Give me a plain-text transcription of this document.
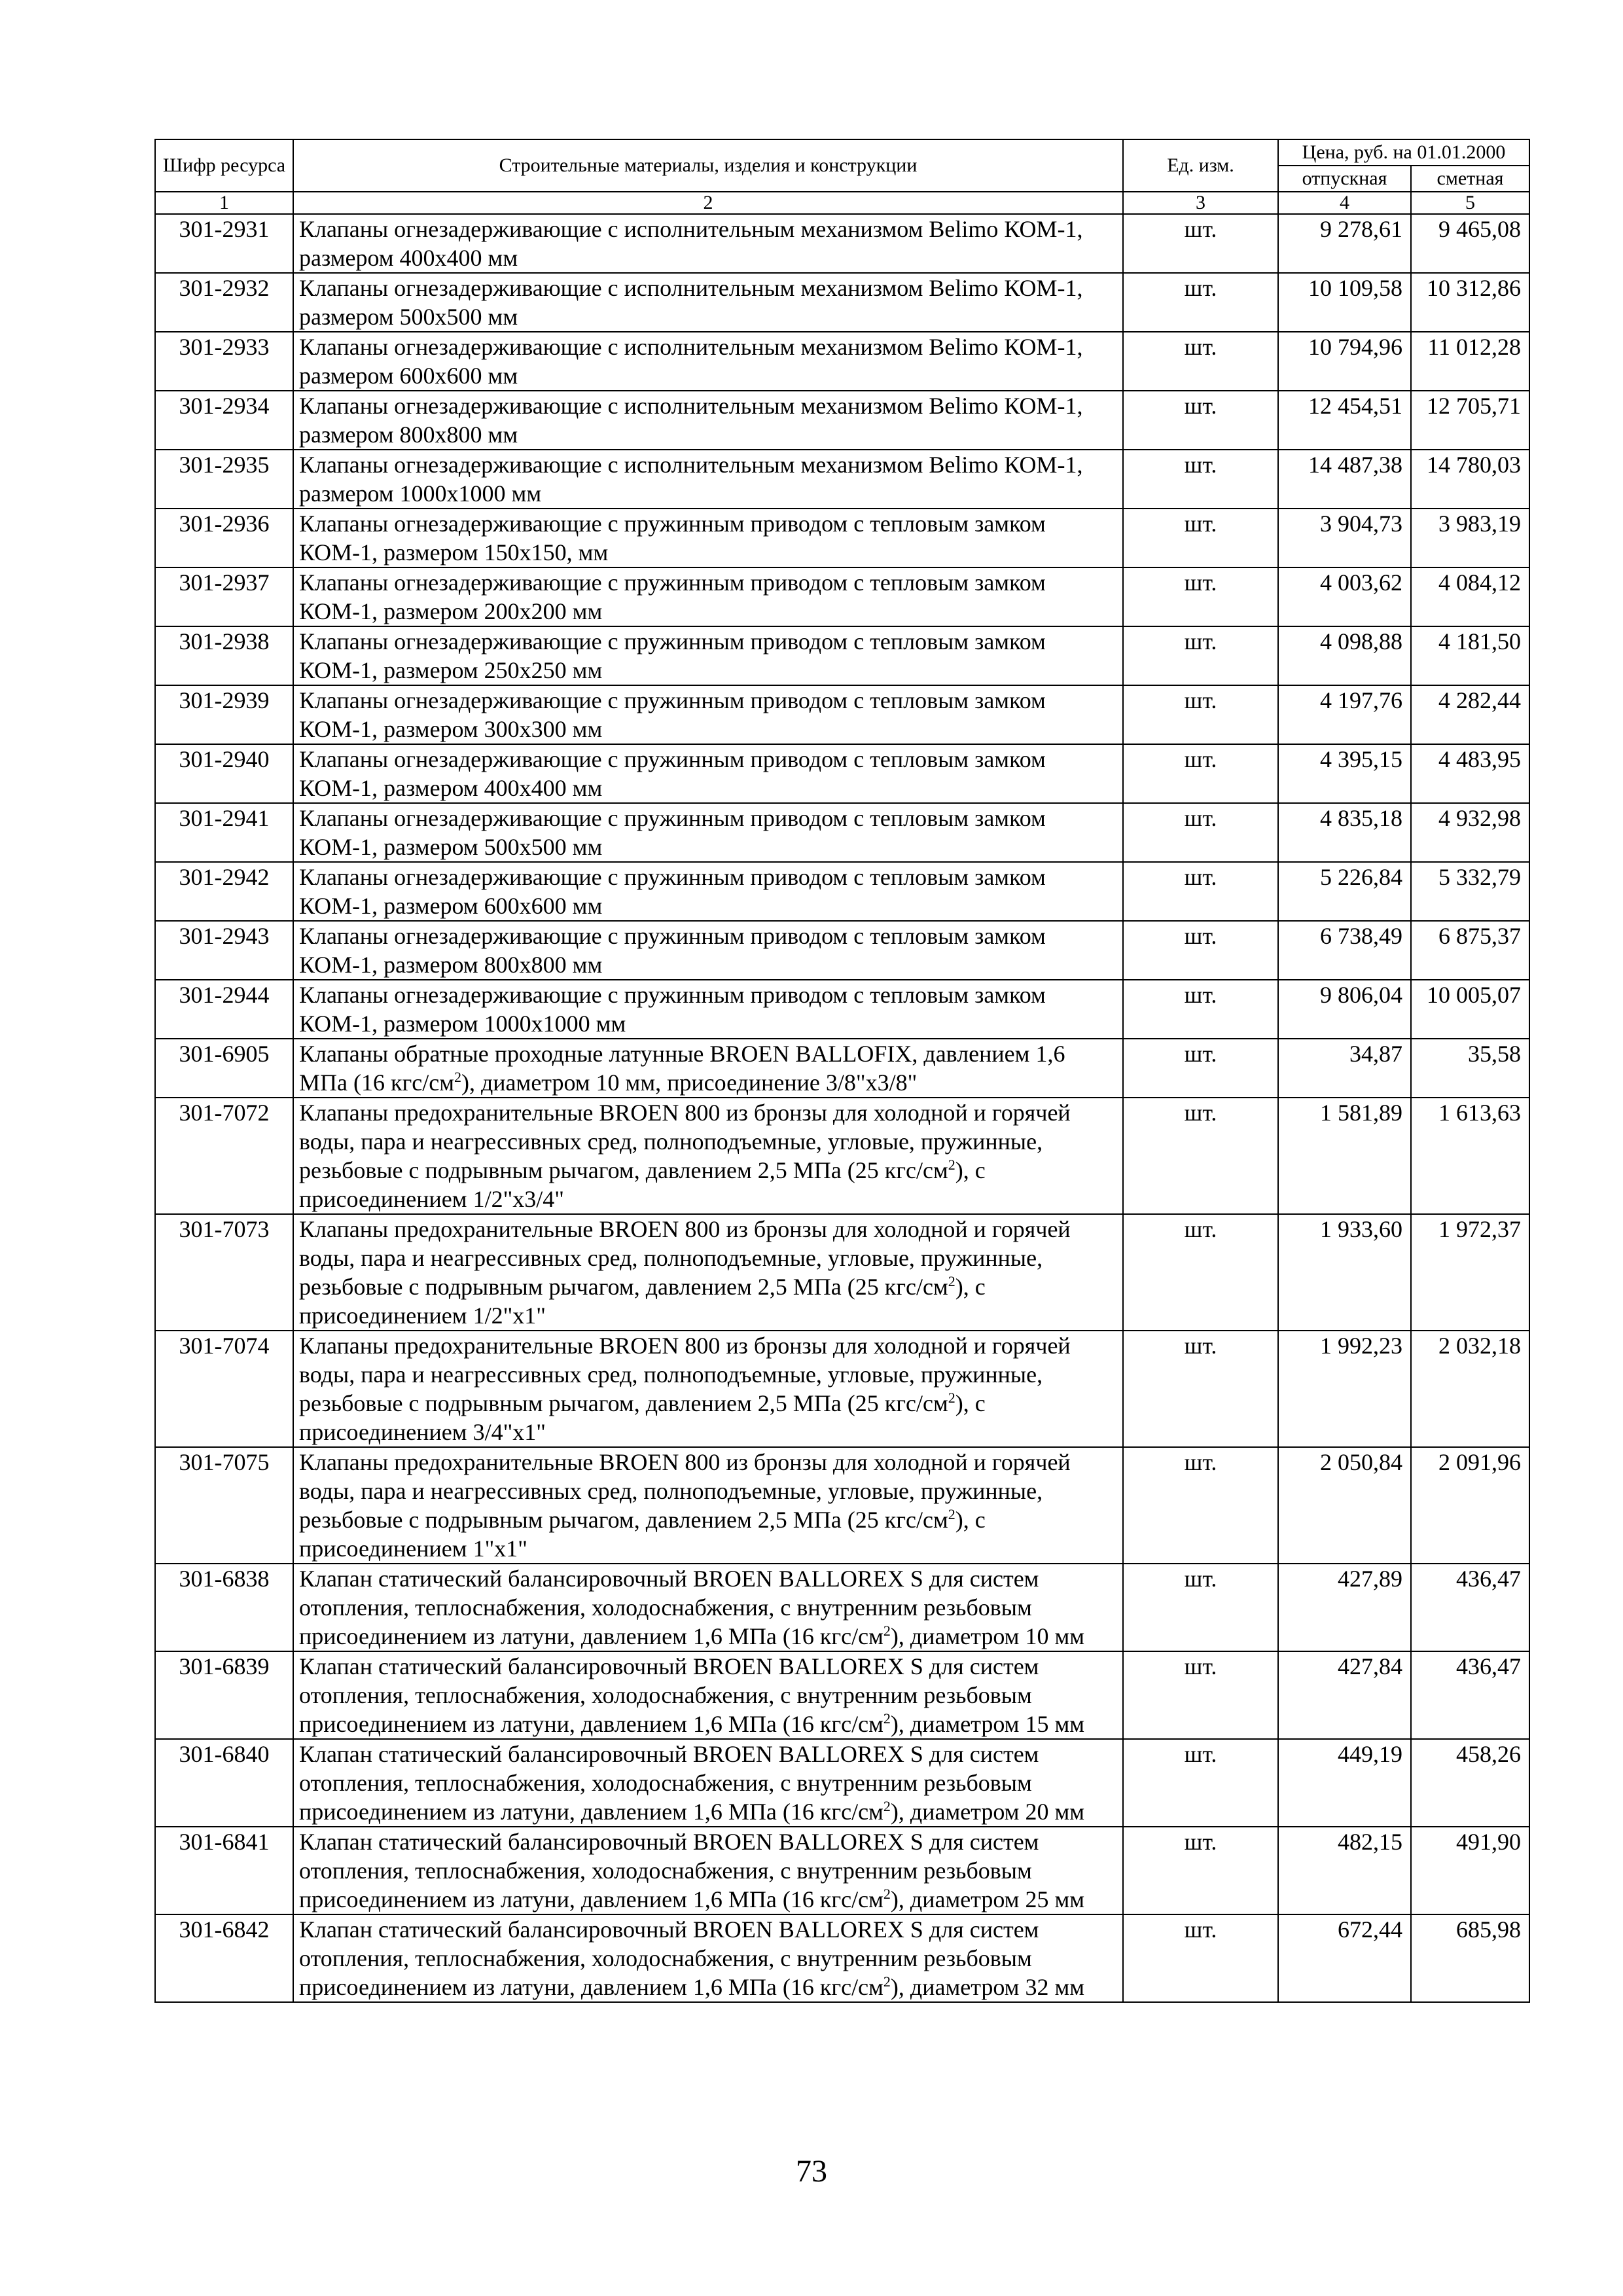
Шифр ресурса	Строительные материалы, изделия и конструкции	Ед. изм.	Цена, руб. на 01.01.2000	
			отпускная	сметная
1	2	3	4	5
301-2931	Клапаны огнезадерживающие с исполнительным механизмом Belimo КОМ-1, размером 400х400 мм	шт.	9 278,61	9 465,08
301-2932	Клапаны огнезадерживающие с исполнительным механизмом Belimo КОМ-1, размером 500х500 мм	шт.	10 109,58	10 312,86
301-2933	Клапаны огнезадерживающие с исполнительным механизмом Belimo КОМ-1, размером 600х600 мм	шт.	10 794,96	11 012,28
301-2934	Клапаны огнезадерживающие с исполнительным механизмом Belimo КОМ-1, размером 800х800 мм	шт.	12 454,51	12 705,71
301-2935	Клапаны огнезадерживающие с исполнительным механизмом Belimo КОМ-1, размером 1000х1000 мм	шт.	14 487,38	14 780,03
301-2936	Клапаны огнезадерживающие с пружинным приводом с тепловым замком КОМ-1, размером 150х150, мм	шт.	3 904,73	3 983,19
301-2937	Клапаны огнезадерживающие с пружинным приводом с тепловым замком КОМ-1, размером 200х200 мм	шт.	4 003,62	4 084,12
301-2938	Клапаны огнезадерживающие с пружинным приводом с тепловым замком КОМ-1, размером 250х250 мм	шт.	4 098,88	4 181,50
301-2939	Клапаны огнезадерживающие с пружинным приводом с тепловым замком КОМ-1, размером 300х300 мм	шт.	4 197,76	4 282,44
301-2940	Клапаны огнезадерживающие с пружинным приводом с тепловым замком КОМ-1, размером 400х400 мм	шт.	4 395,15	4 483,95
301-2941	Клапаны огнезадерживающие с пружинным приводом с тепловым замком КОМ-1, размером 500х500 мм	шт.	4 835,18	4 932,98
301-2942	Клапаны огнезадерживающие с пружинным приводом с тепловым замком КОМ-1, размером 600х600 мм	шт.	5 226,84	5 332,79
301-2943	Клапаны огнезадерживающие с пружинным приводом с тепловым замком КОМ-1, размером 800х800 мм	шт.	6 738,49	6 875,37
301-2944	Клапаны огнезадерживающие с пружинным приводом с тепловым замком КОМ-1, размером 1000х1000 мм	шт.	9 806,04	10 005,07
301-6905	Клапаны обратные проходные латунные BROEN BALLOFIX, давлением 1,6 МПа (16 кгс/$см^2$), диаметром 10 мм, присоединение 3/8"х3/8"	шт.	34,87	35,58
301-7072	Клапаны предохранительные BROEN 800 из бронзы для холодной и горячей воды, пара и неагрессивных сред, полноподъемные, угловые, пружинные, резьбовые с подрывным рычагом, давлением 2,5 МПа (25 кгс/$см^2$), с присоединением 1/2"х3/4"	шт.	1 581,89	1 613,63
301-7073	Клапаны предохранительные BROEN 800 из бронзы для холодной и горячей воды, пара и неагрессивных сред, полноподъемные, угловые, пружинные, резьбовые с подрывным рычагом, давлением 2,5 МПа (25 кгс/$см^2$), с присоединением 1/2"х1"	шт.	1 933,60	1 972,37
301-7074	Клапаны предохранительные BROEN 800 из бронзы для холодной и горячей воды, пара и неагрессивных сред, полноподъемные, угловые, пружинные, резьбовые с подрывным рычагом, давлением 2,5 МПа (25 кгс/$см^2$), с присоединением 3/4"х1"	шт.	1 992,23	2 032,18
301-7075	Клапаны предохранительные BROEN 800 из бронзы для холодной и горячей воды, пара и неагрессивных сред, полноподъемные, угловые, пружинные, резьбовые с подрывным рычагом, давлением 2,5 МПа (25 кгс/$см^2$), с присоединением 1"х1"	шт.	2 050,84	2 091,96
301-6838	Клапан статический балансировочный BROEN BALLOREX S для систем отопления, теплоснабжения, холодоснабжения, с внутренним резьбовым присоединением из латуни, давлением 1,6 МПа (16 кгс/$см^2$), диаметром 10 мм	шт.	427,89	436,47
301-6839	Клапан статический балансировочный BROEN BALLOREX S для систем отопления, теплоснабжения, холодоснабжения, с внутренним резьбовым присоединением из латуни, давлением 1,6 МПа (16 кгс/$см^2$), диаметром 15 мм	шт.	427,84	436,47
301-6840	Клапан статический балансировочный BROEN BALLOREX S для систем отопления, теплоснабжения, холодоснабжения, с внутренним резьбовым присоединением из латуни, давлением 1,6 МПа (16 кгс/$см^2$), диаметром 20 мм	шт.	449,19	458,26
301-6841	Клапан статический балансировочный BROEN BALLOREX S для систем отопления, теплоснабжения, холодоснабжения, с внутренним резьбовым присоединением из латуни, давлением 1,6 МПа (16 кгс/$см^2$), диаметром 25 мм	шт.	482,15	491,90
301-6842	Клапан статический балансировочный BROEN BALLOREX S для систем отопления, теплоснабжения, холодоснабжения, с внутренним резьбовым присоединением из латуни, давлением 1,6 МПа (16 кгс/$см^2$), диаметром 32 мм	шт.	672,44	685,98
73
